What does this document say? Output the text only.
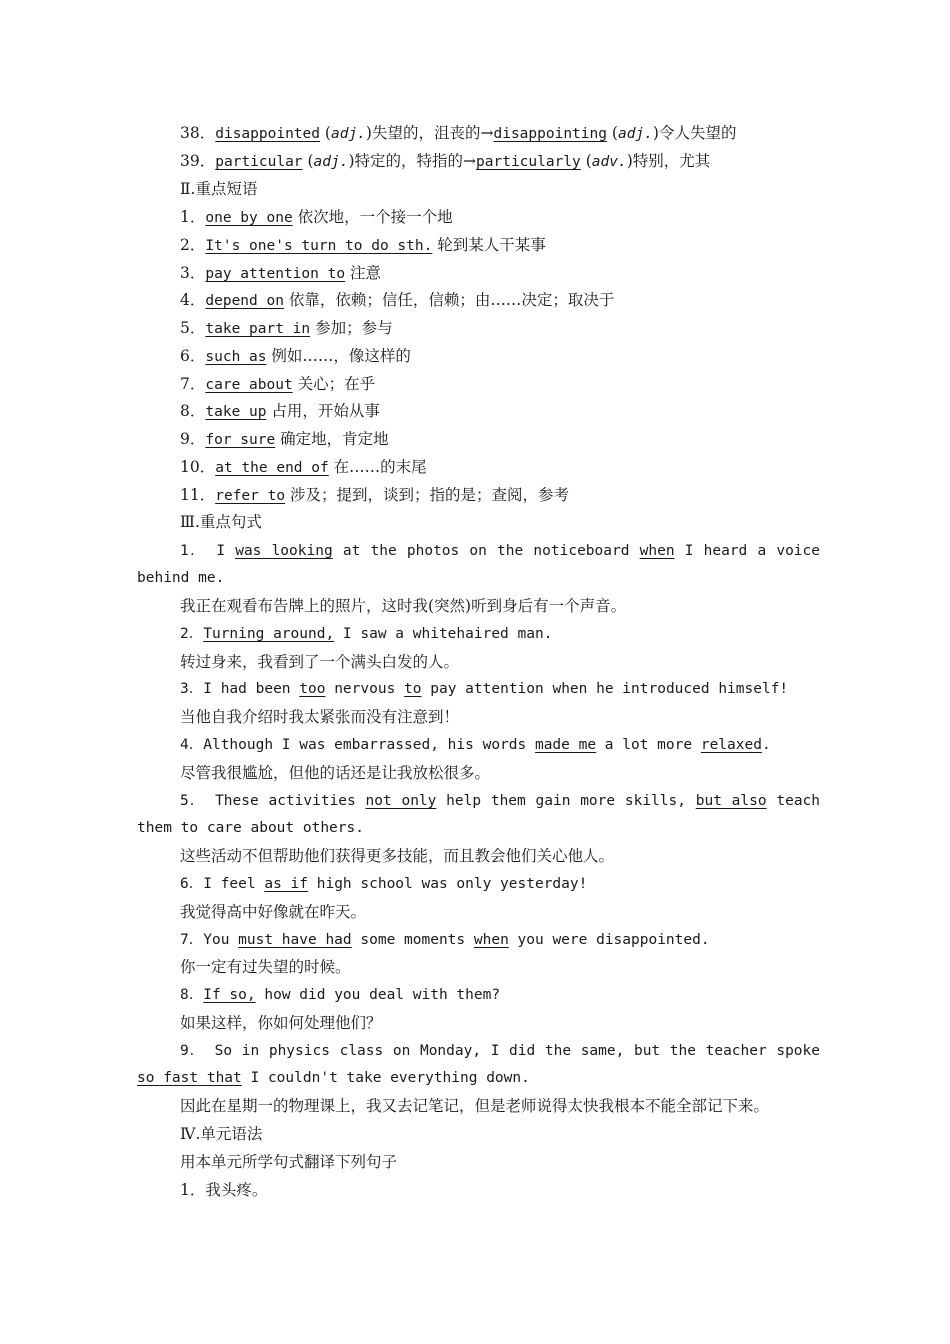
38．disappointed (adj.)失望的，沮丧的→disappointing (adj.)令人失望的
39．particular (adj.)特定的，特指的→particularly (adv.)特别，尤其
Ⅱ.重点短语
1．one by one 依次地，一个接一个地
2．It's one's turn to do sth. 轮到某人干某事
3．pay attention to 注意
4．depend on 依靠，依赖；信任，信赖；由……决定；取决于
5．take part in 参加；参与
6．such as 例如……，像这样的
7．care about 关心；在乎
8．take up 占用，开始从事
9．for sure 确定地，肯定地
10．at the end of 在……的末尾
11．refer to 涉及；提到，谈到；指的是；查阅，参考
Ⅲ.重点句式
1． I was looking at the photos on the noticeboard when I heard a voice
behind me.
我正在观看布告牌上的照片，这时我(突然)听到身后有一个声音。
2．Turning around, I saw a whitehaired man.
转过身来，我看到了一个满头白发的人。
3．I had been too nervous to pay attention when he introduced himself!
当他自我介绍时我太紧张而没有注意到！
4．Although I was embarrassed, his words made me a lot more relaxed.
尽管我很尴尬，但他的话还是让我放松很多。
5． These activities not only help them gain more skills, but also teach
them to care about others.
这些活动不但帮助他们获得更多技能，而且教会他们关心他人。
6．I feel as if high school was only yesterday!
我觉得高中好像就在昨天。
7．You must have had some moments when you were disappointed.
你一定有过失望的时候。
8．If so, how did you deal with them?
如果这样，你如何处理他们？
9． So in physics class on Monday, I did the same, but the teacher spoke
so fast that I couldn't take everything down.
因此在星期一的物理课上，我又去记笔记，但是老师说得太快我根本不能全部记下来。
Ⅳ.单元语法
用本单元所学句式翻译下列句子
1．我头疼。
